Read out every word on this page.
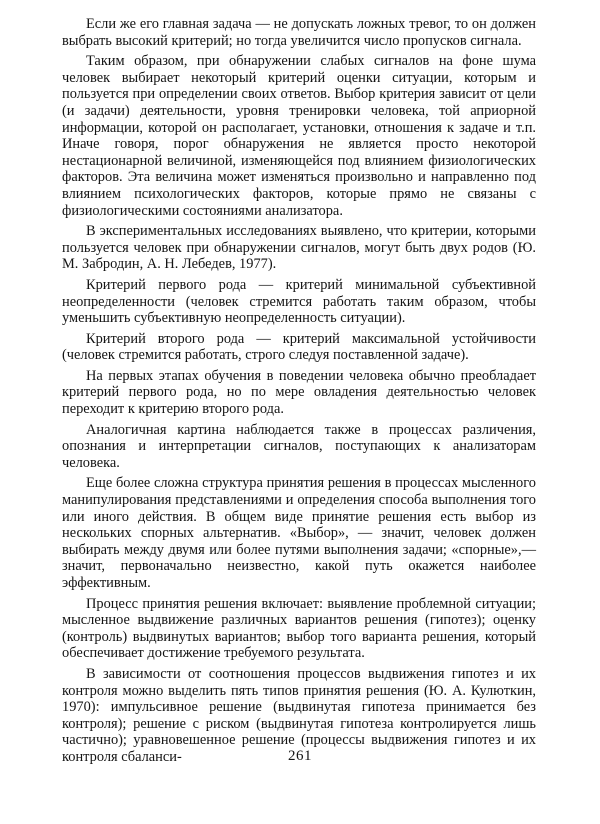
Если же его главная задача — не допускать ложных тревог, то он должен выбрать высокий критерий; но тогда увеличится число пропусков сигнала.

Таким образом, при обнаружении слабых сигналов на фоне шума человек выбирает некоторый критерий оценки ситуации, которым и пользуется при определении своих ответов. Выбор критерия зависит от цели (и задачи) деятельности, уровня тренировки человека, той априорной информации, которой он располагает, установки, отношения к задаче и т.п. Иначе говоря, порог обнаружения не является просто некоторой нестационарной величиной, изменяющейся под влиянием физиологических факторов. Эта величина может изменяться произвольно и направленно под влиянием психологических факторов, которые прямо не связаны с физиологическими состояниями анализатора.

В экспериментальных исследованиях выявлено, что критерии, которыми пользуется человек при обнаружении сигналов, могут быть двух родов (Ю. М. Забродин, А. Н. Лебедев, 1977).

Критерий первого рода — критерий минимальной субъективной неопределенности (человек стремится работать таким образом, чтобы уменьшить субъективную неопределенность ситуации).

Критерий второго рода — критерий максимальной устойчивости (человек стремится работать, строго следуя поставленной задаче).

На первых этапах обучения в поведении человека обычно преобладает критерий первого рода, но по мере овладения деятельностью человек переходит к критерию второго рода.

Аналогичная картина наблюдается также в процессах различения, опознания и интерпретации сигналов, поступающих к анализаторам человека.

Еще более сложна структура принятия решения в процессах мысленного манипулирования представлениями и определения способа выполнения того или иного действия. В общем виде принятие решения есть выбор из нескольких спорных альтернатив. «Выбор», — значит, человек должен выбирать между двумя или более путями выполнения задачи; «спорные»,— значит, первоначально неизвестно, какой путь окажется наиболее эффективным.

Процесс принятия решения включает: выявление проблемной ситуации; мысленное выдвижение различных вариантов решения (гипотез); оценку (контроль) выдвинутых вариантов; выбор того варианта решения, который обеспечивает достижение требуемого результата.

В зависимости от соотношения процессов выдвижения гипотез и их контроля можно выделить пять типов принятия решения (Ю. А. Кулюткин, 1970): импульсивное решение (выдвинутая гипотеза принимается без контроля); решение с риском (выдвинутая гипотеза контролируется лишь частично); уравновешенное решение (процессы выдвижения гипотез и их контроля сбаланси-	261
